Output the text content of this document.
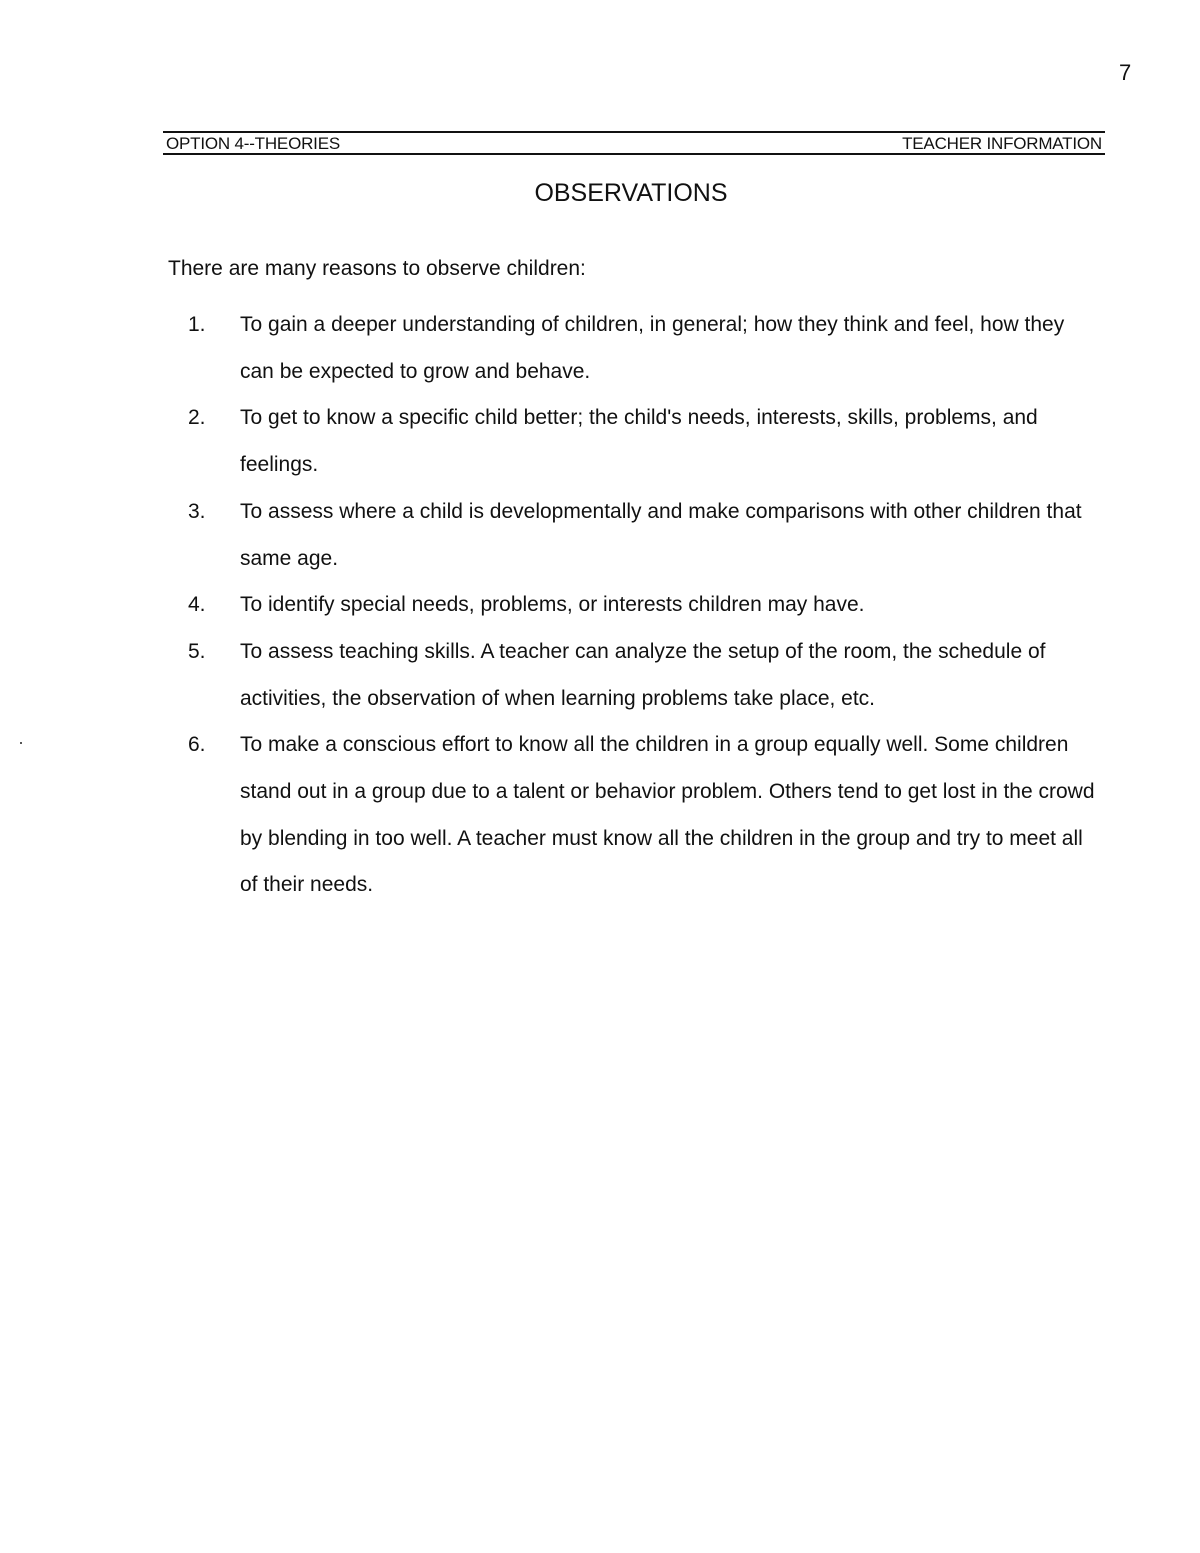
7
OPTION 4--THEORIES	TEACHER INFORMATION
OBSERVATIONS
There are many reasons to observe children:
1.	To gain a deeper understanding of children, in general; how they think and feel, how they can be expected to grow and behave.
2.	To get to know a specific child better; the child's needs, interests, skills, problems, and feelings.
3.	To assess where a child is developmentally and make comparisons with other children that same age.
4.	To identify special needs, problems, or interests children may have.
5.	To assess teaching skills. A teacher can analyze the setup of the room, the schedule of activities, the observation of when learning problems take place, etc.
6.	To make a conscious effort to know all the children in a group equally well. Some children stand out in a group due to a talent or behavior problem. Others tend to get lost in the crowd by blending in too well. A teacher must know all the children in the group and try to meet all of their needs.
